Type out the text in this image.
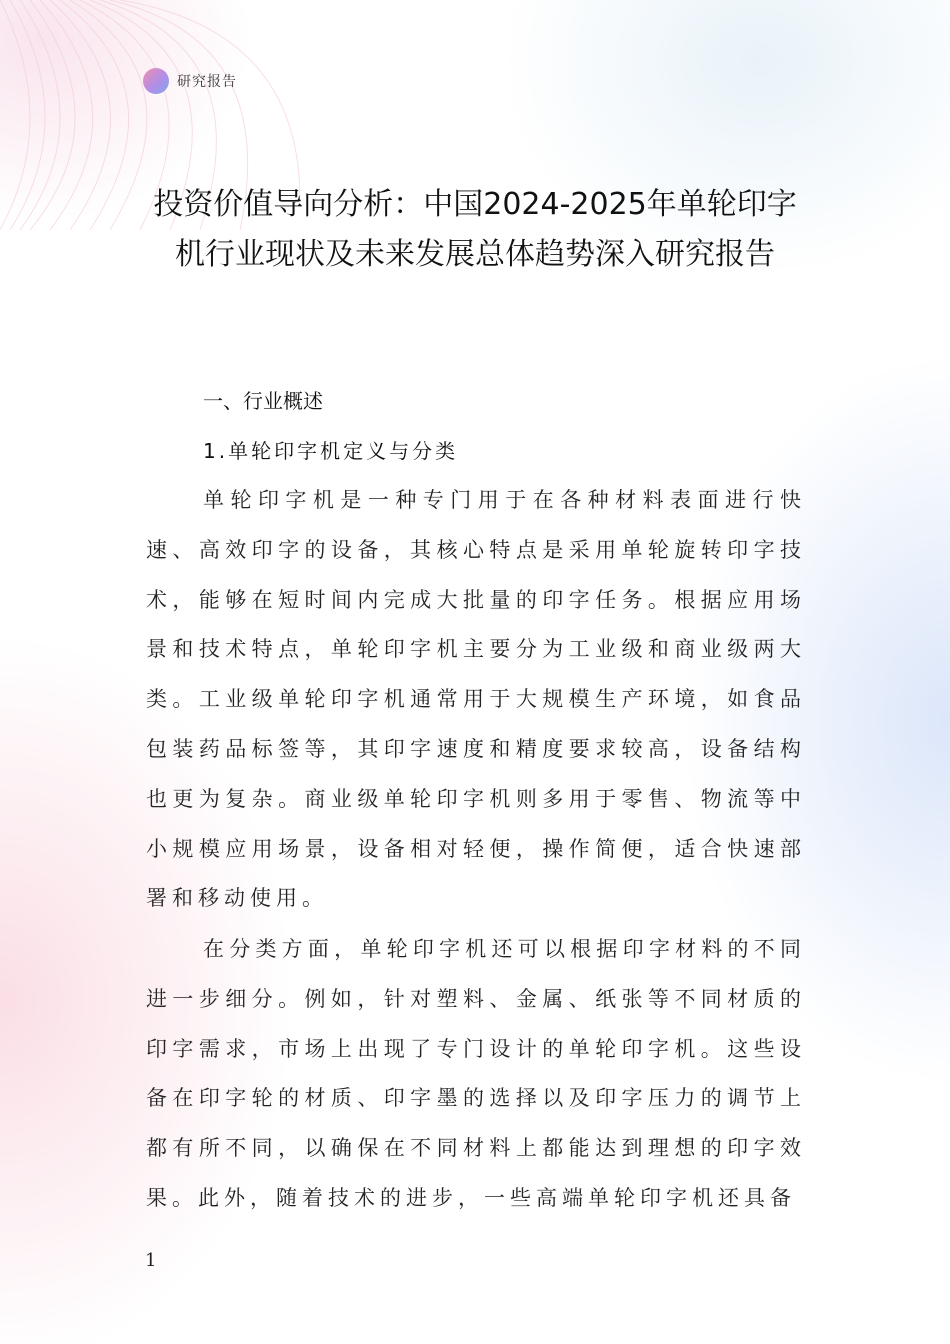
研究报告
投资价值导向分析：中国2024-2025年单轮印字机行业现状及未来发展总体趋势深入研究报告
一、行业概述
1.单轮印字机定义与分类

单轮印字机是一种专门用于在各种材料表面进行快速、高效印字的设备，其核心特点是采用单轮旋转印字技术，能够在短时间内完成大批量的印字任务。根据应用场景和技术特点，单轮印字机主要分为工业级和商业级两大类。工业级单轮印字机通常用于大规模生产环境，如食品包装药品标签等，其印字速度和精度要求较高，设备结构也更为复杂。商业级单轮印字机则多用于零售、物流等中小规模应用场景，设备相对轻便，操作简便，适合快速部署和移动使用。

在分类方面，单轮印字机还可以根据印字材料的不同进一步细分。例如，针对塑料、金属、纸张等不同材质的印字需求，市场上出现了专门设计的单轮印字机。这些设备在印字轮的材质、印字墨的选择以及印字压力的调节上都有所不同，以确保在不同材料上都能达到理想的印字效果。此外，随着技术的进步，一些高端单轮印字机还具备

1
